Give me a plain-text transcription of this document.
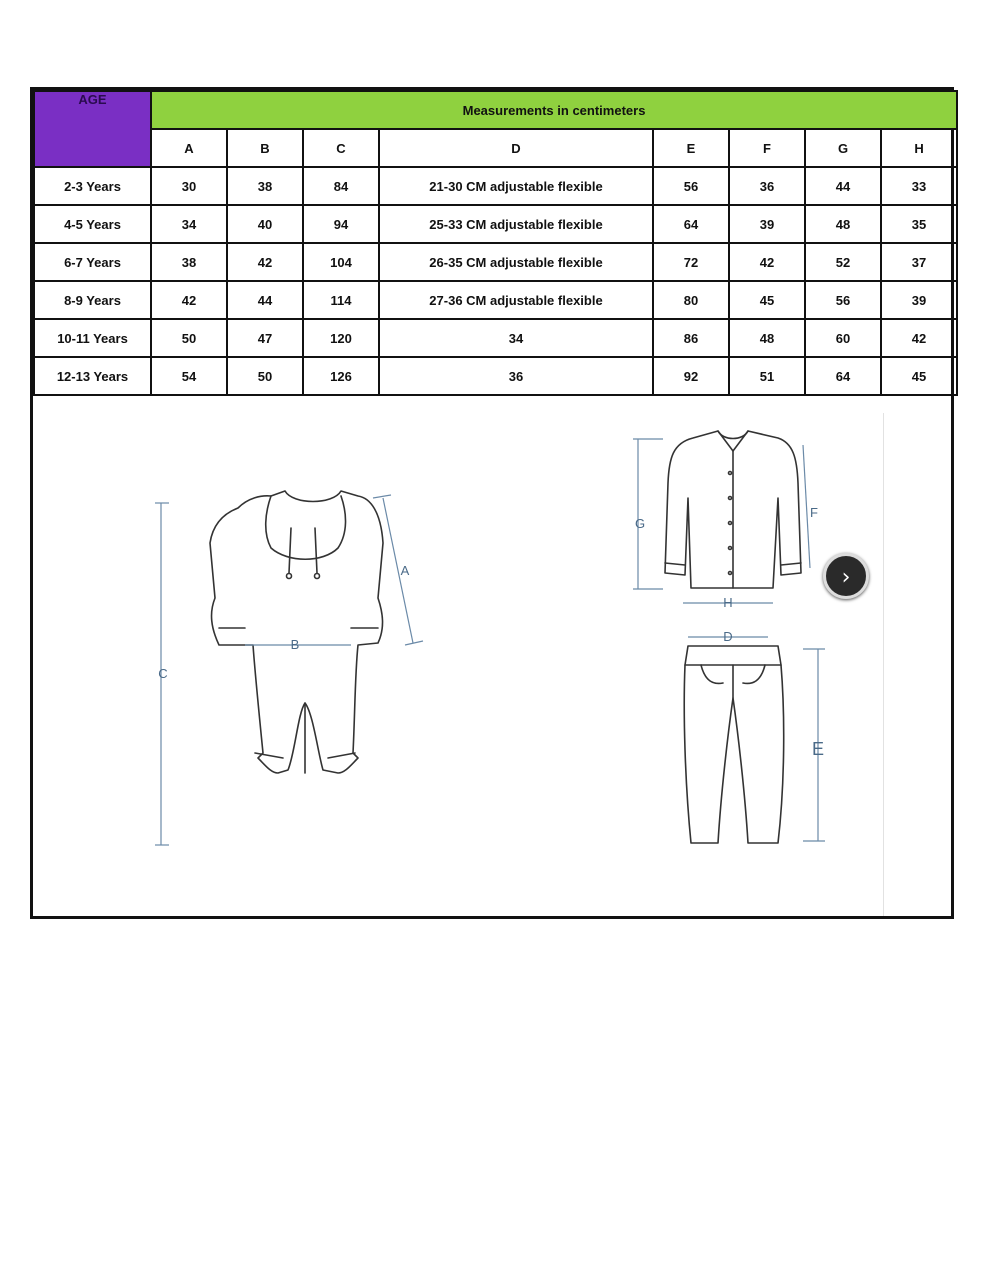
AGE	Measurements in centimeters							
	A	B	C	D	E	F	G	H
2-3 Years	30	38	84	21-30 CM adjustable flexible	56	36	44	33
4-5 Years	34	40	94	25-33 CM adjustable flexible	64	39	48	35
6-7 Years	38	42	104	26-35 CM adjustable flexible	72	42	52	37
8-9 Years	42	44	114	27-36 CM adjustable flexible	80	45	56	39
10-11 Years	50	47	120	34	86	48	60	42
12-13 Years	54	50	126	36	92	51	64	45
C
A
B
G
F
H
D
E
›
